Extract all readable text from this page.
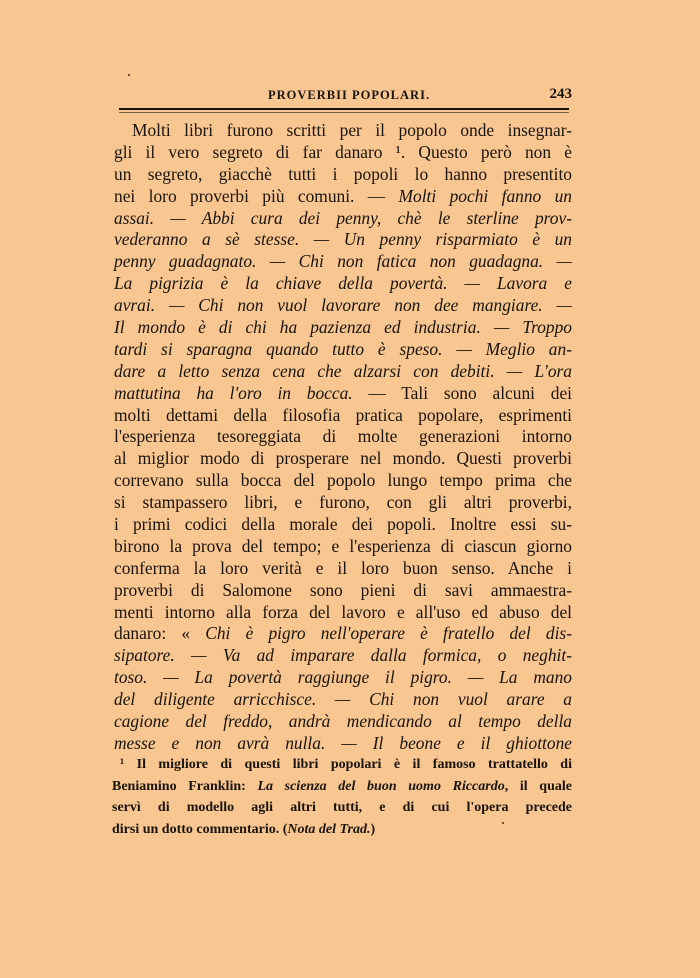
PROVERBII POPOLARI.	243
Molti libri furono scritti per il popolo onde insegnar-
gli il vero segreto di far danaro ¹. Questo però non è
un segreto, giacchè tutti i popoli lo hanno presentito
nei loro proverbi più comuni. — Molti pochi fanno un
assai. — Abbi cura dei penny, chè le sterline prov-
vederanno a sè stesse. — Un penny risparmiato è un
penny guadagnato. — Chi non fatica non guadagna. —
La pigrizia è la chiave della povertà. — Lavora e
avrai. — Chi non vuol lavorare non dee mangiare. —
Il mondo è di chi ha pazienza ed industria. — Troppo
tardi si sparagna quando tutto è speso. — Meglio an-
dare a letto senza cena che alzarsi con debiti. — L'ora
mattutina ha l'oro in bocca. — Tali sono alcuni dei
molti dettami della filosofia pratica popolare, esprimenti
l'esperienza tesoreggiata di molte generazioni intorno
al miglior modo di prosperare nel mondo. Questi proverbi
correvano sulla bocca del popolo lungo tempo prima che
si stampassero libri, e furono, con gli altri proverbi,
i primi codici della morale dei popoli. Inoltre essi su-
birono la prova del tempo; e l'esperienza di ciascun giorno
conferma la loro verità e il loro buon senso. Anche i
proverbi di Salomone sono pieni di savi ammaestra-
menti intorno alla forza del lavoro e all'uso ed abuso del
danaro: « Chi è pigro nell'operare è fratello del dis-
sipatore. — Va ad imparare dalla formica, o neghit-
toso. — La povertà raggiunge il pigro. — La mano
del diligente arricchisce. — Chi non vuol arare a
cagione del freddo, andrà mendicando al tempo della
messe e non avrà nulla. — Il beone e il ghiottone
¹ Il migliore di questi libri popolari è il famoso trattatello di
Beniamino Franklin: La scienza del buon uomo Riccardo, il quale
servì di modello agli altri tutti, e di cui l'opera precede
dirsi un dotto commentario. (Nota del Trad.)
